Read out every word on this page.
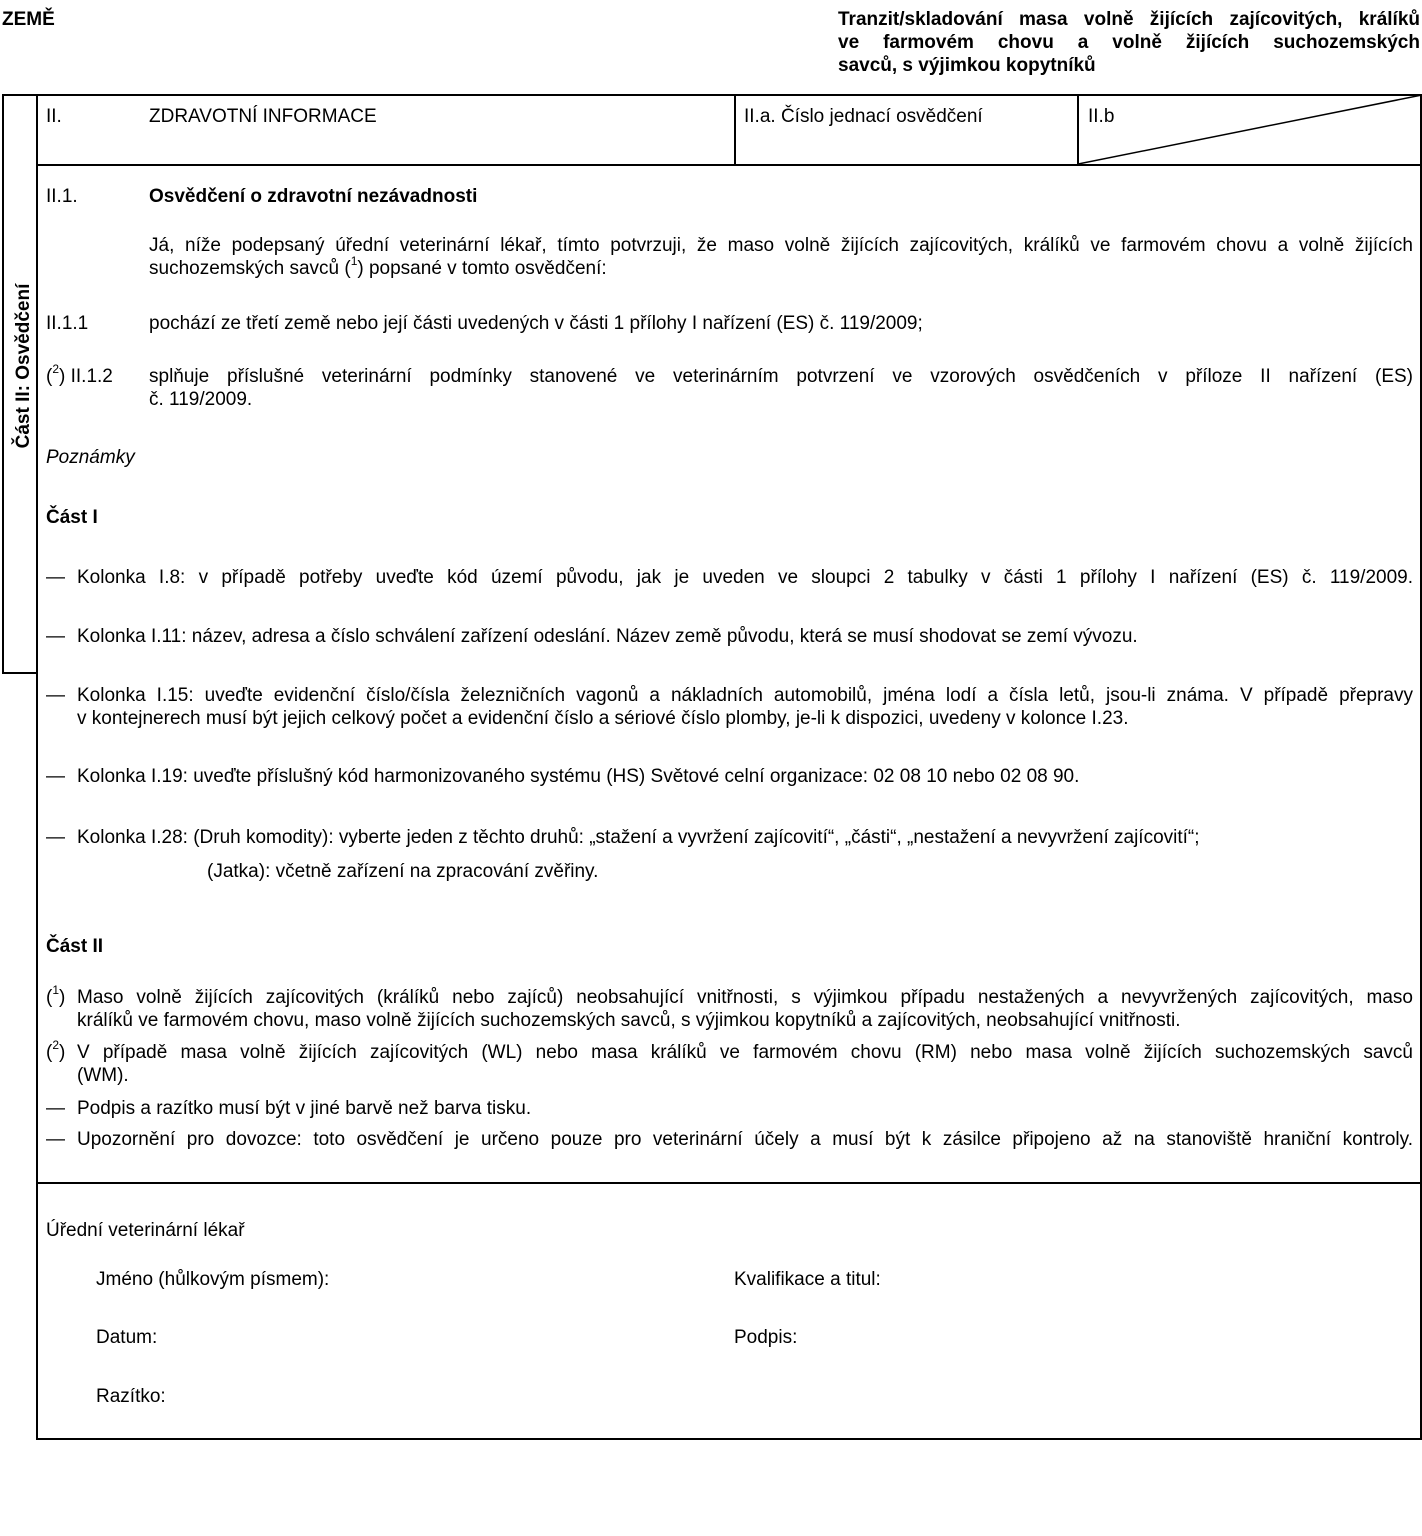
ZEMĚ	Tranzit/skladování masa volně žijících zajícovitých, králíků
ve farmovém chovu a volně žijících suchozemských
savců, s výjimkou kopytníků
Část II: Osvědčení
II.	ZDRAVOTNÍ INFORMACE	II.a. Číslo jednací osvědčení	II.b
II.1.	Osvědčení o zdravotní nezávadnosti
Já, níže podepsaný úřední veterinární lékař, tímto potvrzuji, že maso volně žijících zajícovitých, králíků ve farmovém chovu a volně žijících
suchozemských savců ($^1$) popsané v tomto osvědčení:
II.1.1	pochází ze třetí země nebo její části uvedených v části 1 přílohy I nařízení (ES) č. 119/2009;
($^2$) II.1.2 splňuje příslušné veterinární podmínky stanovené ve veterinárním potvrzení ve vzorových osvědčeních v příloze II nařízení (ES)
č. 119/2009.
Poznámky
Část I
— Kolonka I.8: v případě potřeby uveďte kód území původu, jak je uveden ve sloupci 2 tabulky v části 1 přílohy I nařízení (ES) č. 119/2009.
— Kolonka I.11: název, adresa a číslo schválení zařízení odeslání. Název země původu, která se musí shodovat se zemí vývozu.
— Kolonka I.15: uveďte evidenční číslo/čísla železničních vagonů a nákladních automobilů, jména lodí a čísla letů, jsou-li známa. V případě přepravy
v kontejnerech musí být jejich celkový počet a evidenční číslo a sériové číslo plomby, je-li k dispozici, uvedeny v kolonce I.23.
— Kolonka I.19: uveďte příslušný kód harmonizovaného systému (HS) Světové celní organizace: 02 08 10 nebo 02 08 90.
— Kolonka I.28: (Druh komodity): vyberte jeden z těchto druhů: „stažení a vyvržení zajícovití“, „části“, „nestažení a nevyvržení zajícovití“;
(Jatka): včetně zařízení na zpracování zvěřiny.
Část II
($^1$) Maso volně žijících zajícovitých (králíků nebo zajíců) neobsahující vnitřnosti, s výjimkou případu nestažených a nevyvržených zajícovitých, maso
králíků ve farmovém chovu, maso volně žijících suchozemských savců, s výjimkou kopytníků a zajícovitých, neobsahující vnitřnosti.
($^2$) V případě masa volně žijících zajícovitých (WL) nebo masa králíků ve farmovém chovu (RM) nebo masa volně žijících suchozemských savců
(WM).
— Podpis a razítko musí být v jiné barvě než barva tisku.
— Upozornění pro dovozce: toto osvědčení je určeno pouze pro veterinární účely a musí být k zásilce připojeno až na stanoviště hraniční kontroly.
Úřední veterinární lékař
Jméno (hůlkovým písmem):	Kvalifikace a titul:
Datum:	Podpis:
Razítko:
